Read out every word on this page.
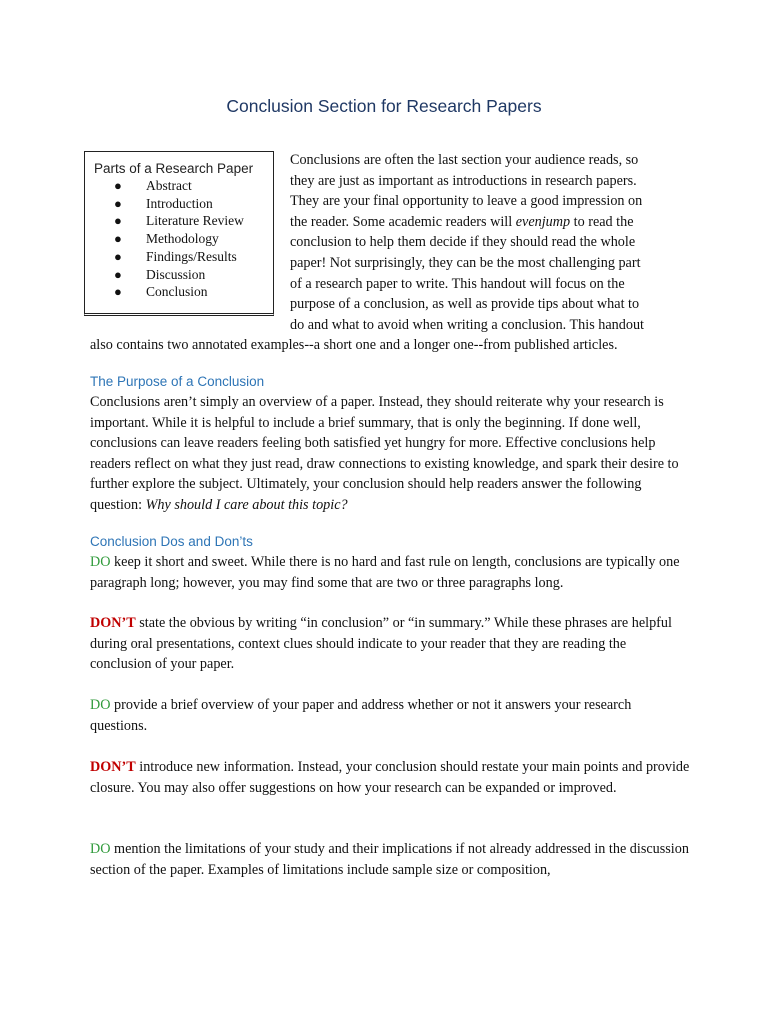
Conclusion Section for Research Papers
Parts of a Research Paper
● Abstract
● Introduction
● Literature Review
● Methodology
● Findings/Results
● Discussion
● Conclusion
Conclusions are often the last section your audience reads, so
they are just as important as introductions in research papers.
They are your final opportunity to leave a good impression on
the reader. Some academic readers will evenjump to read the
conclusion to help them decide if they should read the whole
paper! Not surprisingly, they can be the most challenging part
of a research paper to write. This handout will focus on the
purpose of a conclusion, as well as provide tips about what to
do and what to avoid when writing a conclusion. This handout
also contains two annotated examples--a short one and a longer one--from published articles.
The Purpose of a Conclusion
Conclusions aren’t simply an overview of a paper. Instead, they should reiterate why your research is important. While it is helpful to include a brief summary, that is only the beginning. If done well, conclusions can leave readers feeling both satisfied yet hungry for more. Effective conclusions help readers reflect on what they just read, draw connections to existing knowledge, and spark their desire to further explore the subject. Ultimately, your conclusion should help readers answer the following question: Why should I care about this topic?
Conclusion Dos and Don’ts
DO keep it short and sweet. While there is no hard and fast rule on length, conclusions are typically one paragraph long; however, you may find some that are two or three paragraphs long.
DON’T state the obvious by writing “in conclusion” or “in summary.” While these phrases are helpful during oral presentations, context clues should indicate to your reader that they are reading the conclusion of your paper.
DO provide a brief overview of your paper and address whether or not it answers your research questions.
DON’T introduce new information. Instead, your conclusion should restate your main points and provide closure. You may also offer suggestions on how your research can be expanded or improved.
DO mention the limitations of your study and their implications if not already addressed in the discussion section of the paper. Examples of limitations include sample size or composition,
